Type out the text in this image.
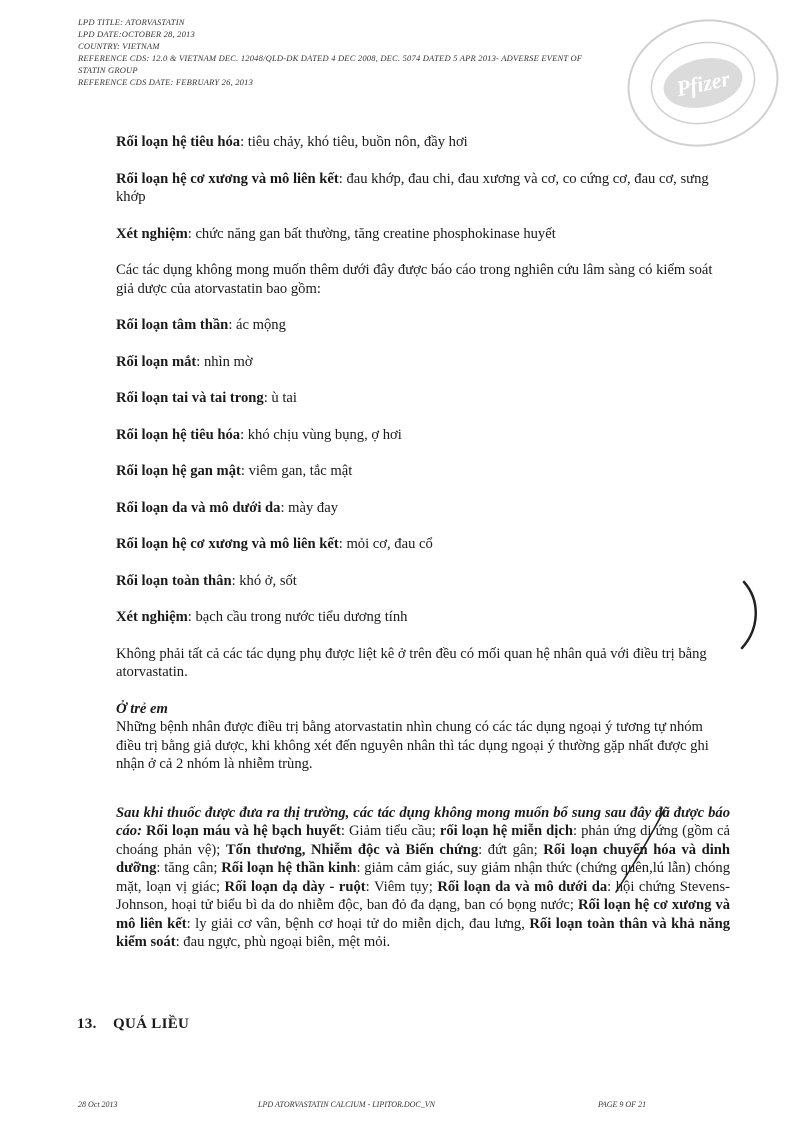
LPD TITLE: ATORVASTATIN
LPD DATE:OCTOBER 28, 2013
COUNTRY: VIETNAM
REFERENCE CDS: 12.0 & VIETNAM DEC. 12048/QLD-DK DATED 4 DEC 2008, DEC. 5074 DATED 5 APR 2013- ADVERSE EVENT OF
STATIN GROUP
REFERENCE CDS DATE: FEBRUARY 26, 2013	Pfizer

Rối loạn hệ tiêu hóa: tiêu chảy, khó tiêu, buồn nôn, đầy hơi

Rối loạn hệ cơ xương và mô liên kết: đau khớp, đau chi, đau xương và cơ, co cứng cơ, đau cơ, sưng khớp

Xét nghiệm: chức năng gan bất thường, tăng creatine phosphokinase huyết

Các tác dụng không mong muốn thêm dưới đây được báo cáo trong nghiên cứu lâm sàng có kiểm soát giả dược của atorvastatin bao gồm:

Rối loạn tâm thần: ác mộng

Rối loạn mắt: nhìn mờ

Rối loạn tai và tai trong: ù tai

Rối loạn hệ tiêu hóa: khó chịu vùng bụng, ợ hơi

Rối loạn hệ gan mật: viêm gan, tắc mật

Rối loạn da và mô dưới da: mày đay

Rối loạn hệ cơ xương và mô liên kết: mỏi cơ, đau cổ

Rối loạn toàn thân: khó ở, sốt

Xét nghiệm: bạch cầu trong nước tiểu dương tính

Không phải tất cả các tác dụng phụ được liệt kê ở trên đều có mối quan hệ nhân quả với điều trị bằng atorvastatin.

Ở trẻ em

Những bệnh nhân được điều trị bằng atorvastatin nhìn chung có các tác dụng ngoại ý tương tự nhóm điều trị bằng giả dược, khi không xét đến nguyên nhân thì tác dụng ngoại ý thường gặp nhất được ghi nhận ở cả 2 nhóm là nhiễm trùng.

Sau khi thuốc được đưa ra thị trường, các tác dụng không mong muốn bổ sung sau đây đã được báo cáo: Rối loạn máu và hệ bạch huyết: Giảm tiểu cầu; rối loạn hệ miễn dịch: phản ứng dị ứng (gồm cả choáng phản vệ); Tổn thương, Nhiễm độc và Biến chứng: đứt gân; Rối loạn chuyển hóa và dinh dưỡng: tăng cân; Rối loạn hệ thần kinh: giảm cảm giác, suy giảm nhận thức (chứng quên,lú lẫn) chóng mặt, loạn vị giác; Rối loạn dạ dày - ruột: Viêm tụy; Rối loạn da và mô dưới da: hội chứng Stevens-Johnson, hoại tử biểu bì da do nhiễm độc, ban đỏ đa dạng, ban có bọng nước; Rối loạn hệ cơ xương và mô liên kết: ly giải cơ vân, bệnh cơ hoại tử do miễn dịch, đau lưng, Rối loạn toàn thân và khả năng kiểm soát: đau ngực, phù ngoại biên, mệt mỏi.

13. QUÁ LIỀU
28 Oct 2013	LPD ATORVASTATIN CALCIUM - LIPITOR.DOC_VN	PAGE 9 OF 21
